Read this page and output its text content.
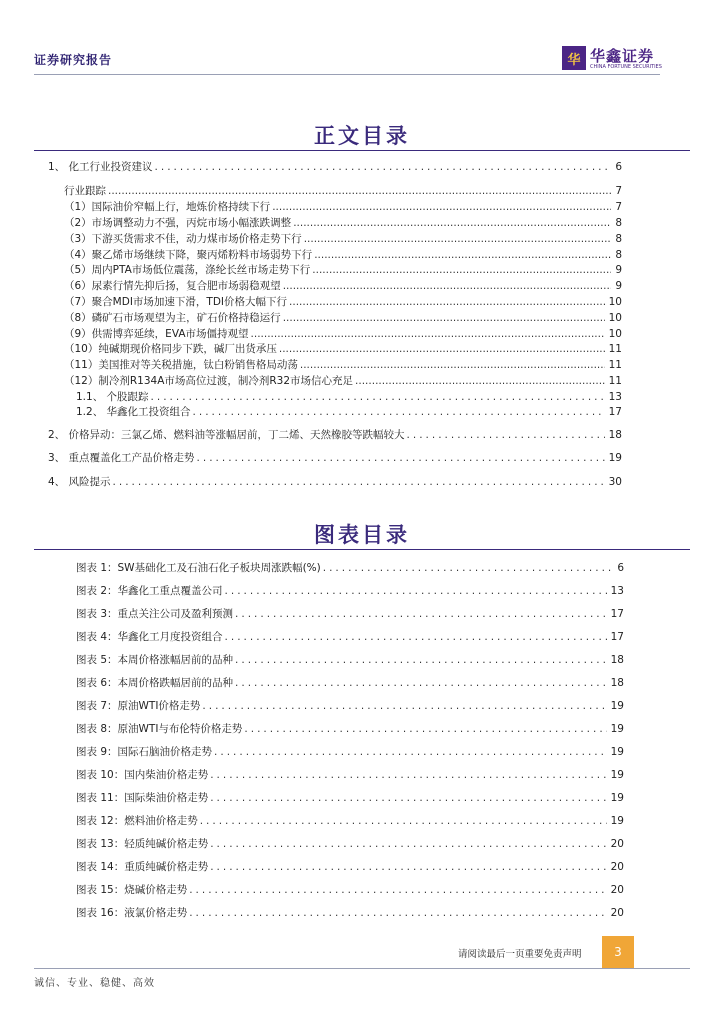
证券研究报告	华 华鑫证券
CHINA FORTUNE SECURITIES
正文目录
1、 化工行业投资建议 .....	6
行业跟踪 .....	7
（1）国际油价窄幅上行，地炼价格持续下行 .....	7
（2）市场调整动力不强，丙烷市场小幅涨跌调整 .....	8
（3）下游买货需求不佳，动力煤市场价格走势下行 .....	8
（4）聚乙烯市场继续下降，聚丙烯粉料市场弱势下行 .....	8
（5）周内PTA市场低位震荡，涤纶长丝市场走势下行 .....	9
（6）尿素行情先抑后扬，复合肥市场弱稳观望 .....	9
（7）聚合MDI市场加速下滑，TDI价格大幅下行 .....	10
（8）磷矿石市场观望为主，矿石价格持稳运行 .....	10
（9）供需博弈延续，EVA市场僵持观望 .....	10
（10）纯碱期现价格同步下跌，碱厂出货承压 .....	11
（11）美国推对等关税措施，钛白粉销售格局动荡 .....	11
（12）制冷剂R134A市场高位过渡，制冷剂R32市场信心充足 .....	11
1.1、 个股跟踪 .....	13
1.2、 华鑫化工投资组合 .....	17
2、 价格异动：三氯乙烯、燃料油等涨幅居前，丁二烯、天然橡胶等跌幅较大 .....	18
3、 重点覆盖化工产品价格走势 .....	19
4、 风险提示 .....	30
图表目录
图表 1：SW基础化工及石油石化子板块周涨跌幅(%) .....	6
图表 2：华鑫化工重点覆盖公司 .....	13
图表 3：重点关注公司及盈利预测 .....	17
图表 4：华鑫化工月度投资组合 .....	17
图表 5：本周价格涨幅居前的品种 .....	18
图表 6：本周价格跌幅居前的品种 .....	18
图表 7：原油WTI价格走势 .....	19
图表 8：原油WTI与布伦特价格走势 .....	19
图表 9：国际石脑油价格走势 .....	19
图表 10：国内柴油价格走势 .....	19
图表 11：国际柴油价格走势 .....	19
图表 12：燃料油价格走势 .....	19
图表 13：轻质纯碱价格走势 .....	20
图表 14：重质纯碱价格走势 .....	20
图表 15：烧碱价格走势 .....	20
图表 16：液氯价格走势 .....	20
请阅读最后一页重要免责声明	3
诚信、专业、稳健、高效
